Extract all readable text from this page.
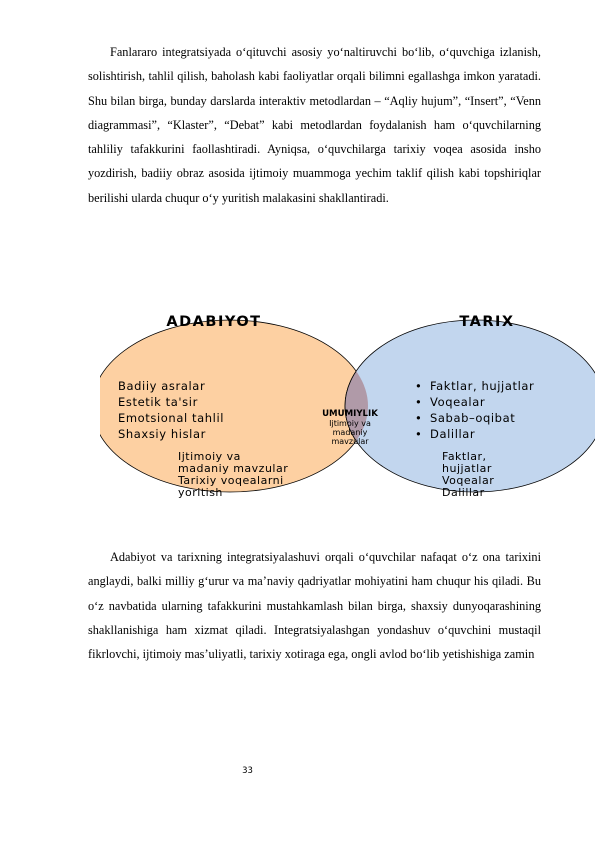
Fanlararo integratsiyada o‘qituvchi asosiy yo‘naltiruvchi bo‘lib, o‘quvchiga izlanish, solishtirish, tahlil qilish, baholash kabi faoliyatlar orqali bilimni egallashga imkon yaratadi. Shu bilan birga, bunday darslarda interaktiv metodlardan – “Aqliy hujum”, “Insert”, “Venn diagrammasi”, “Klaster”, “Debat” kabi metodlardan foydalanish ham o‘quvchilarning tahliliy tafakkurini faollashtiradi. Ayniqsa, o‘quvchilarga tarixiy voqea asosida insho yozdirish, badiiy obraz asosida ijtimoiy muammoga yechim taklif qilish kabi topshiriqlar berilishi ularda chuqur o‘y yuritish malakasini shakllantiradi.

ADABIYOT	TARIX
Badiiy asralar
Estetik ta'sir
Emotsional tahlil
Shaxsiy hislar
Ijtimoiy va
madaniy mavzular
Tarixiy voqealarni
yoritish
UMUMIYLIK
Ijtimoiy va
madaniy
mavzular
• Faktlar, hujjatlar
• Voqealar
• Sabab–oqibat
• Dalillar
Faktlar,
hujjatlar
Voqealar
Dalillar

Adabiyot va tarixning integratsiyalashuvi orqali o‘quvchilar nafaqat o‘z ona tarixini anglaydi, balki milliy g‘urur va ma’naviy qadriyatlar mohiyatini ham chuqur his qiladi. Bu o‘z navbatida ularning tafakkurini mustahkamlash bilan birga, shaxsiy dunyoqarashining shakllanishiga ham xizmat qiladi. Integratsiyalashgan yondashuv o‘quvchini mustaqil fikrlovchi, ijtimoiy mas’uliyatli, tarixiy xotiraga ega, ongli avlod bo‘lib yetishishiga zamin

33
